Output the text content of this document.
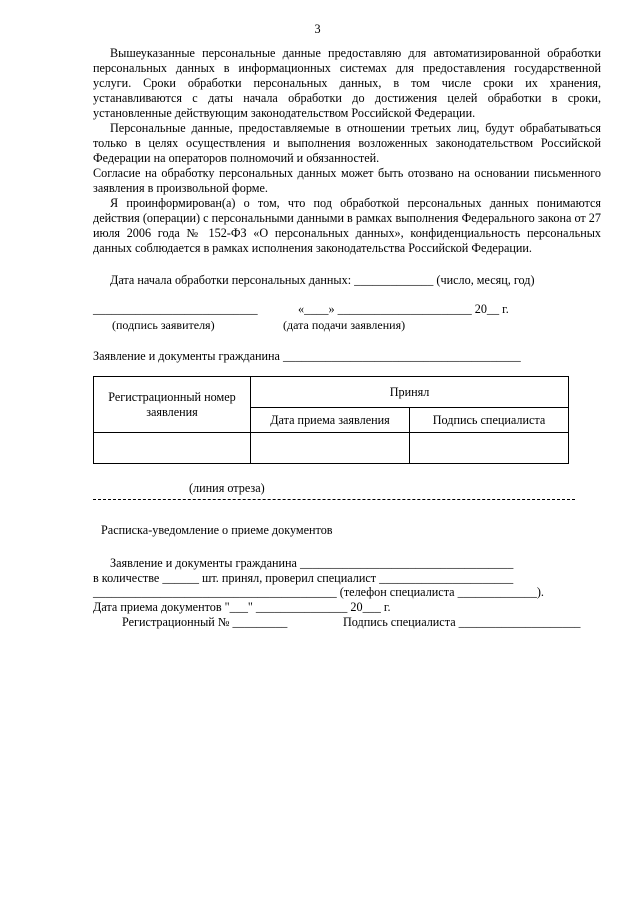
3

Вышеуказанные персональные данные предоставляю для автоматизированной обработки персональных данных в информационных системах для предоставления государственной услуги. Сроки обработки персональных данных, в том числе сроки их хранения, устанавливаются с даты начала обработки до достижения целей обработки в сроки, установленные действующим законодательством Российской Федерации.

Персональные данные, предоставляемые в отношении третьих лиц, будут обрабатываться только в целях осуществления и выполнения возложенных законодательством Российской Федерации на операторов полномочий и обязанностей.

Согласие на обработку персональных данных может быть отозвано на основании письменного заявления в произвольной форме.

Я проинформирован(а) о том, что под обработкой персональных данных понимаются действия (операции) с персональными данными в рамках выполнения Федерального закона от 27 июля 2006 года № 152-ФЗ «О персональных данных», конфиденциальность персональных данных соблюдается в рамках исполнения законодательства Российской Федерации.

Дата начала обработки персональных данных: _____________ (число, месяц, год)
___________________________	«____» ______________________ 20__ г.
(подпись заявителя)	(дата подачи заявления)
Заявление и документы гражданина _______________________________________
Регистрационный номер заявления	Принял	
	Дата приема заявления	Подпись специалиста

(линия отреза)
Расписка-уведомление о приеме документов
Заявление и документы гражданина ___________________________________
в количестве ______ шт. принял, проверил специалист ______________________
________________________________________ (телефон специалиста _____________).
Дата приема документов "___" _______________ 20___ г.
Регистрационный № _________	Подпись специалиста ____________________
